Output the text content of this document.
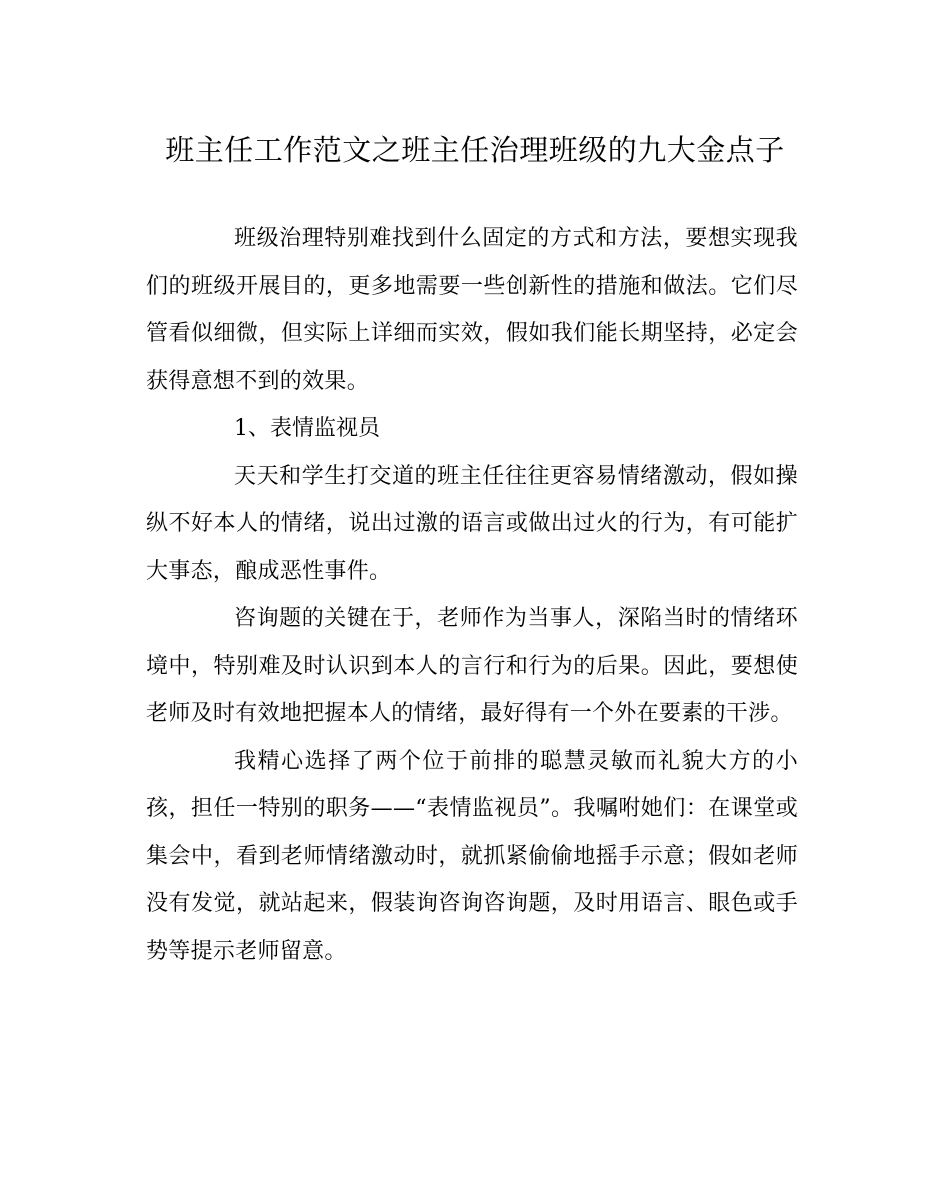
班主任工作范文之班主任治理班级的九大金点子

班级治理特别难找到什么固定的方式和方法，要想实现我们的班级开展目的，更多地需要一些创新性的措施和做法。它们尽管看似细微，但实际上详细而实效，假如我们能长期坚持，必定会获得意想不到的效果。

1、表情监视员

天天和学生打交道的班主任往往更容易情绪激动，假如操纵不好本人的情绪，说出过激的语言或做出过火的行为，有可能扩大事态，酿成恶性事件。

咨询题的关键在于，老师作为当事人，深陷当时的情绪环境中，特别难及时认识到本人的言行和行为的后果。因此，要想使老师及时有效地把握本人的情绪，最好得有一个外在要素的干涉。

我精心选择了两个位于前排的聪慧灵敏而礼貌大方的小孩，担任一特别的职务——“表情监视员”。我嘱咐她们：在课堂或集会中，看到老师情绪激动时，就抓紧偷偷地摇手示意；假如老师没有发觉，就站起来，假装询咨询咨询题，及时用语言、眼色或手势等提示老师留意。
